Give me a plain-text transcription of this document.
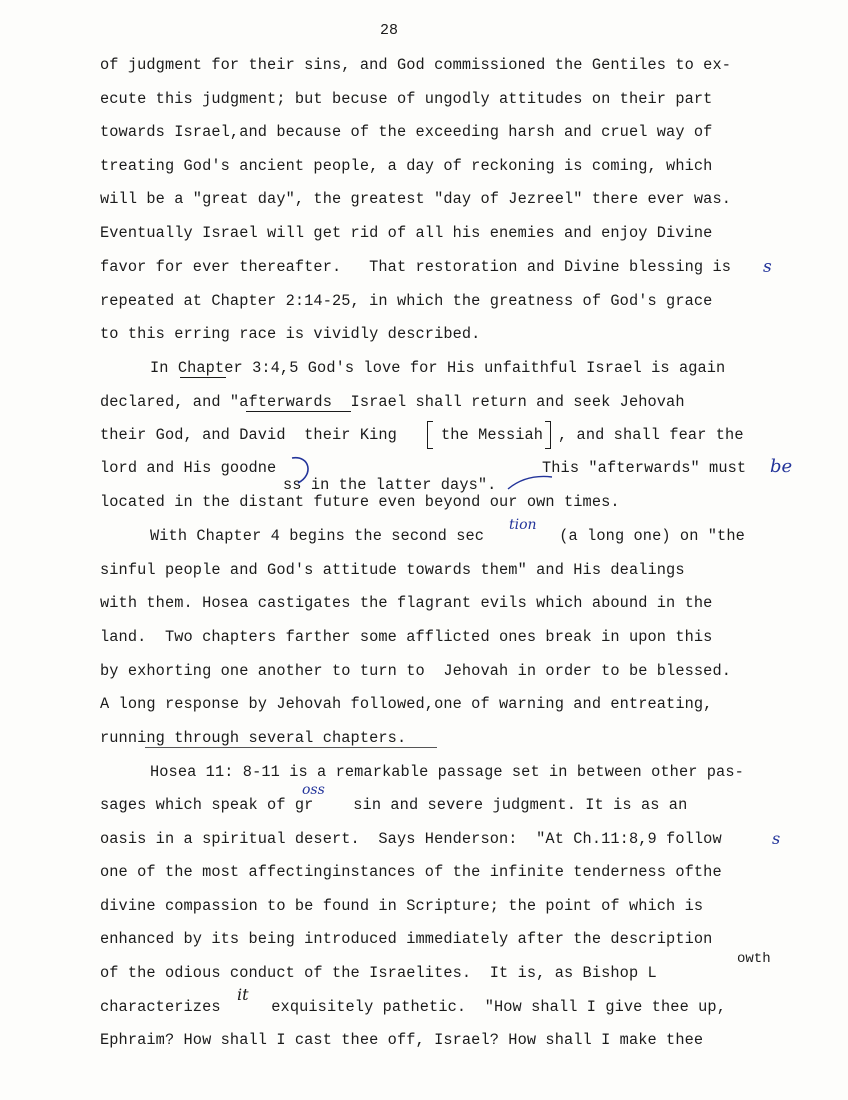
28
of judgment for their sins, and God commissioned the Gentiles to ex-
ecute this judgment; but becuse of ungodly attitudes on their part
towards Israel,and because of the exceeding harsh and cruel way of
treating God's ancient people, a day of reckoning is coming, which
will be a "great day", the greatest "day of Jezreel" there ever was.
Eventually Israel will get rid of all his enemies and enjoy Divine
favor for ever thereafter.   That restoration and Divine blessing is s
repeated at Chapter 2:14-25, in which the greatness of God's grace
to this erring race is vividly described.
In Chapter 3:4,5 God's love for His unfaithful Israel is again
declared, and "afterwards  Israel shall return and seek Jehovah
their God, and David  their King	the Messiah , and shall fear the
lord and His goodne	This "afterwards" must be
ss in the latter days".
located in the distant future even beyond our own times.
With Chapter 4 begins the second sec
tion
(a long one) on "the
sinful people and God's attitude towards them" and His dealings
with them. Hosea castigates the flagrant evils which abound in the
land.  Two chapters farther some afflicted ones break in upon this
by exhorting one another to turn to  Jehovah in order to be blessed.
A long response by Jehovah followed,one of warning and entreating,
running through several chapters.
Hosea 11: 8-11 is a remarkable passage set in between other pas-
sages which speak of gr
oss
sin and severe judgment. It is as an
oasis in a spiritual desert.  Says Henderson:  "At Ch.11:8,9 follow	s
one of the most affectinginstances of the infinite tenderness ofthe
divine compassion to be found in Scripture; the point of which is
enhanced by its being introduced immediately after the description
of the odious conduct of the Israelites.  It is, as Bishop L
owth
characterizes
it
exquisitely pathetic.  "How shall I give thee up,
Ephraim? How shall I cast thee off, Israel? How shall I make thee
